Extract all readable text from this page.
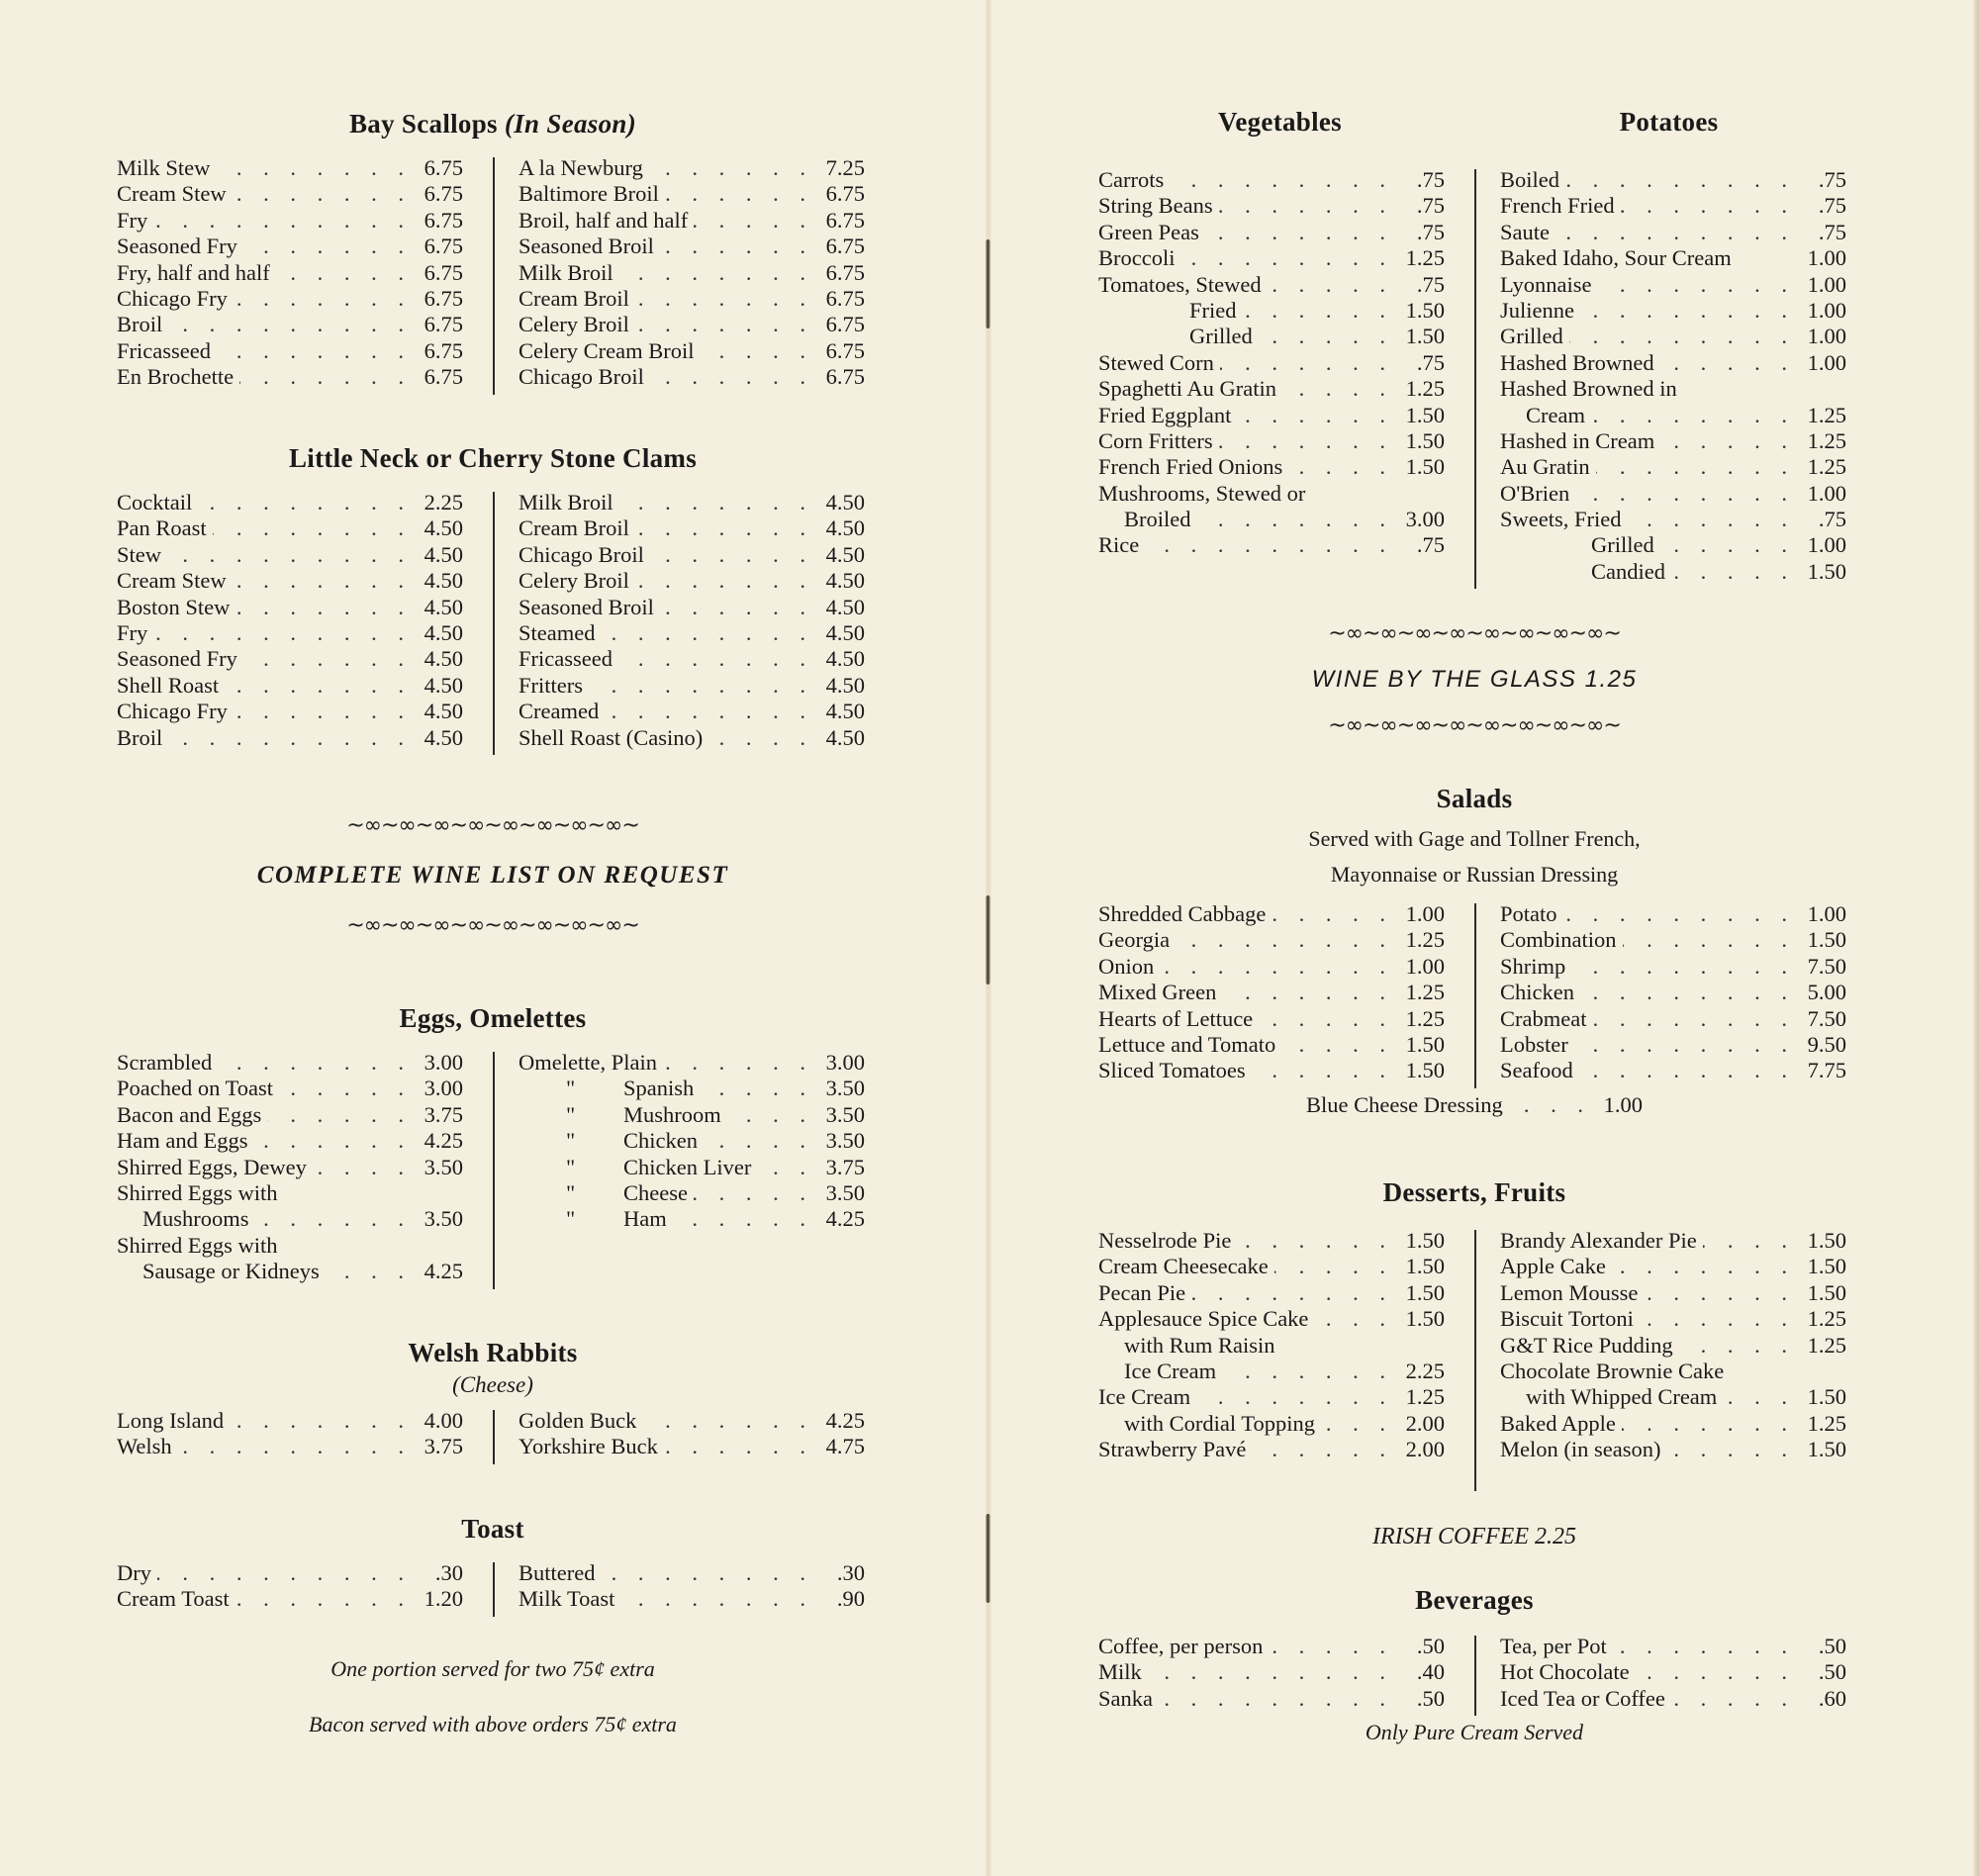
Bay Scallops (In Season)
Milk Stew . . .	6.75
Cream Stew . . .	6.75
Fry . . .	6.75
Seasoned Fry . . .	6.75
Fry, half and half . . .	6.75
Chicago Fry . . .	6.75
Broil . . .	6.75
Fricasseed . . .	6.75
En Brochette . . .	6.75
A la Newburg . . .	7.25
Baltimore Broil . . .	6.75
Broil, half and half . . .	6.75
Seasoned Broil . . .	6.75
Milk Broil . . .	6.75
Cream Broil . . .	6.75
Celery Broil . . .	6.75
Celery Cream Broil . . .	6.75
Chicago Broil . . .	6.75
Little Neck or Cherry Stone Clams
Cocktail . . .	2.25
Pan Roast . . .	4.50
Stew . . .	4.50
Cream Stew . . .	4.50
Boston Stew . . .	4.50
Fry . . .	4.50
Seasoned Fry . . .	4.50
Shell Roast . . .	4.50
Chicago Fry . . .	4.50
Broil . . .	4.50
Milk Broil . . .	4.50
Cream Broil . . .	4.50
Chicago Broil . . .	4.50
Celery Broil . . .	4.50
Seasoned Broil . . .	4.50
Steamed . . .	4.50
Fricasseed . . .	4.50
Fritters . . .	4.50
Creamed . . .	4.50
Shell Roast (Casino) . . .	4.50
~∞~∞~∞~∞~∞~∞~∞~∞~
COMPLETE WINE LIST ON REQUEST
~∞~∞~∞~∞~∞~∞~∞~∞~
Eggs, Omelettes
Scrambled . . .	3.00
Poached on Toast . . .	3.00
Bacon and Eggs . . .	3.75
Ham and Eggs . . .	4.25
Shirred Eggs, Dewey . . .	3.50
Shirred Eggs with
Mushrooms . . .	3.50
Shirred Eggs with
Sausage or Kidneys . . .	4.25
Omelette, Plain . . .	3.00
" Spanish . . .	3.50
" Mushroom . . .	3.50
" Chicken . . .	3.50
" Chicken Liver . . .	3.75
" Cheese . . .	3.50
" Ham . . .	4.25
Welsh Rabbits
(Cheese)
Long Island . . .	4.00
Welsh . . .	3.75
Golden Buck . . .	4.25
Yorkshire Buck . . .	4.75
Toast
Dry . . .	.30
Cream Toast . . .	1.20
Buttered . . .	.30
Milk Toast . . .	.90
One portion served for two 75¢ extra
Bacon served with above orders 75¢ extra
Vegetables	Potatoes
Carrots . . .	.75
String Beans . . .	.75
Green Peas . . .	.75
Broccoli . . .	1.25
Tomatoes, Stewed . . .	.75
Fried . . .	1.50
Grilled . . .	1.50
Stewed Corn . . .	.75
Spaghetti Au Gratin . . .	1.25
Fried Eggplant . . .	1.50
Corn Fritters . . .	1.50
French Fried Onions . . .	1.50
Mushrooms, Stewed or
Broiled . . .	3.00
Rice . . .	.75
Boiled . . .	.75
French Fried . . .	.75
Saute . . .	.75
Baked Idaho, Sour Cream	1.00
Lyonnaise . . .	1.00
Julienne . . .	1.00
Grilled . . .	1.00
Hashed Browned . . .	1.00
Hashed Browned in
Cream . . .	1.25
Hashed in Cream . . .	1.25
Au Gratin . . .	1.25
O'Brien . . .	1.00
Sweets, Fried . . .	.75
Grilled . . .	1.00
Candied . . .	1.50
~∞~∞~∞~∞~∞~∞~∞~∞~
WINE BY THE GLASS 1.25
~∞~∞~∞~∞~∞~∞~∞~∞~
Salads
Served with Gage and Tollner French,
Mayonnaise or Russian Dressing
Shredded Cabbage . . .	1.00
Georgia . . .	1.25
Onion . . .	1.00
Mixed Green . . .	1.25
Hearts of Lettuce . . .	1.25
Lettuce and Tomato . . .	1.50
Sliced Tomatoes . . .	1.50
Potato . . .	1.00
Combination . . .	1.50
Shrimp . . .	7.50
Chicken . . .	5.00
Crabmeat . . .	7.50
Lobster . . .	9.50
Seafood . . .	7.75
Blue Cheese Dressing . . .	1.00
Desserts, Fruits
Nesselrode Pie . . .	1.50
Cream Cheesecake . . .	1.50
Pecan Pie . . .	1.50
Applesauce Spice Cake . . .	1.50
with Rum Raisin
Ice Cream . . .	2.25
Ice Cream . . .	1.25
with Cordial Topping . . .	2.00
Strawberry Pavé . . .	2.00
Brandy Alexander Pie . . .	1.50
Apple Cake . . .	1.50
Lemon Mousse . . .	1.50
Biscuit Tortoni . . .	1.25
G&T Rice Pudding . . .	1.25
Chocolate Brownie Cake
with Whipped Cream . . .	1.50
Baked Apple . . .	1.25
Melon (in season) . . .	1.50
IRISH COFFEE 2.25
Beverages
Coffee, per person . . .	.50
Milk . . .	.40
Sanka . . .	.50
Tea, per Pot . . .	.50
Hot Chocolate . . .	.50
Iced Tea or Coffee . . .	.60
Only Pure Cream Served
